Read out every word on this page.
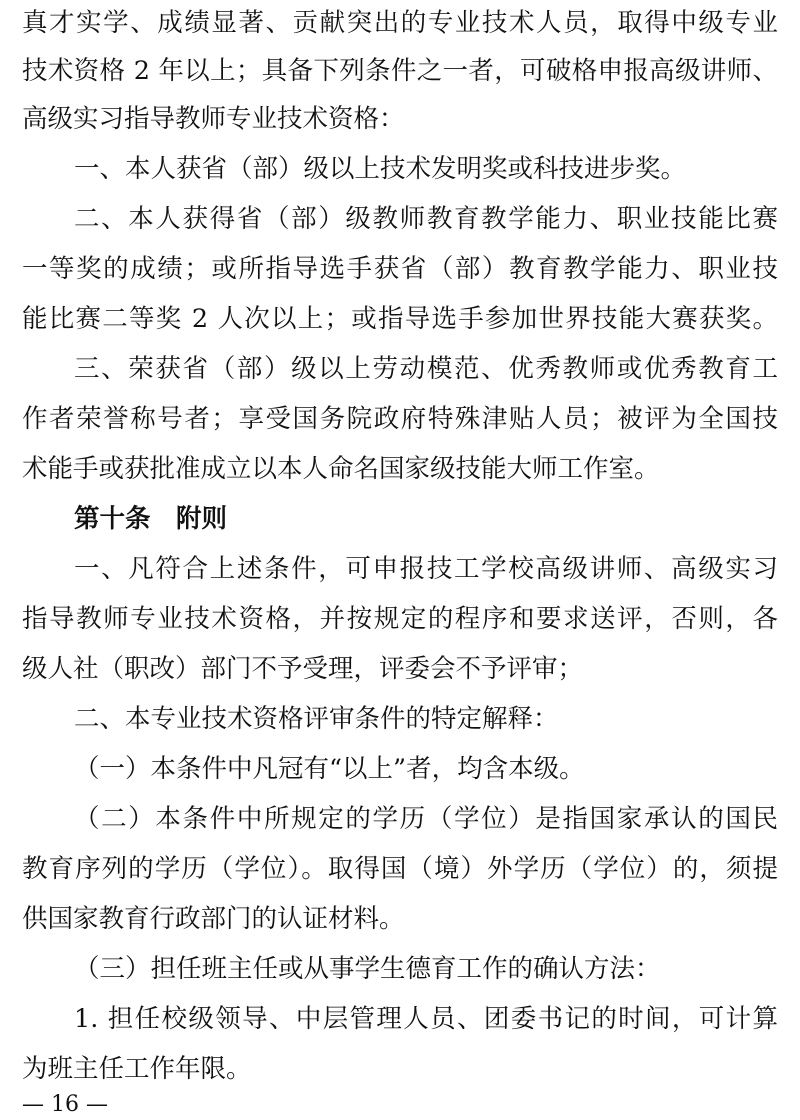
真才实学、成绩显著、贡献突出的专业技术人员，取得中级专业
技术资格 2 年以上；具备下列条件之一者，可破格申报高级讲师、
高级实习指导教师专业技术资格：
一、本人获省（部）级以上技术发明奖或科技进步奖。
二、本人获得省（部）级教师教育教学能力、职业技能比赛
一等奖的成绩；或所指导选手获省（部）教育教学能力、职业技
能比赛二等奖 2 人次以上；或指导选手参加世界技能大赛获奖。
三、荣获省（部）级以上劳动模范、优秀教师或优秀教育工
作者荣誉称号者；享受国务院政府特殊津贴人员；被评为全国技
术能手或获批准成立以本人命名国家级技能大师工作室。
第十条　附则
一、凡符合上述条件，可申报技工学校高级讲师、高级实习
指导教师专业技术资格，并按规定的程序和要求送评，否则，各
级人社（职改）部门不予受理，评委会不予评审；
二、本专业技术资格评审条件的特定解释：
（一）本条件中凡冠有“以上”者，均含本级。
（二）本条件中所规定的学历（学位）是指国家承认的国民
教育序列的学历（学位）。取得国（境）外学历（学位）的，须提
供国家教育行政部门的认证材料。
（三）担任班主任或从事学生德育工作的确认方法：
1. 担任校级领导、中层管理人员、团委书记的时间，可计算
为班主任工作年限。
— 16 —
